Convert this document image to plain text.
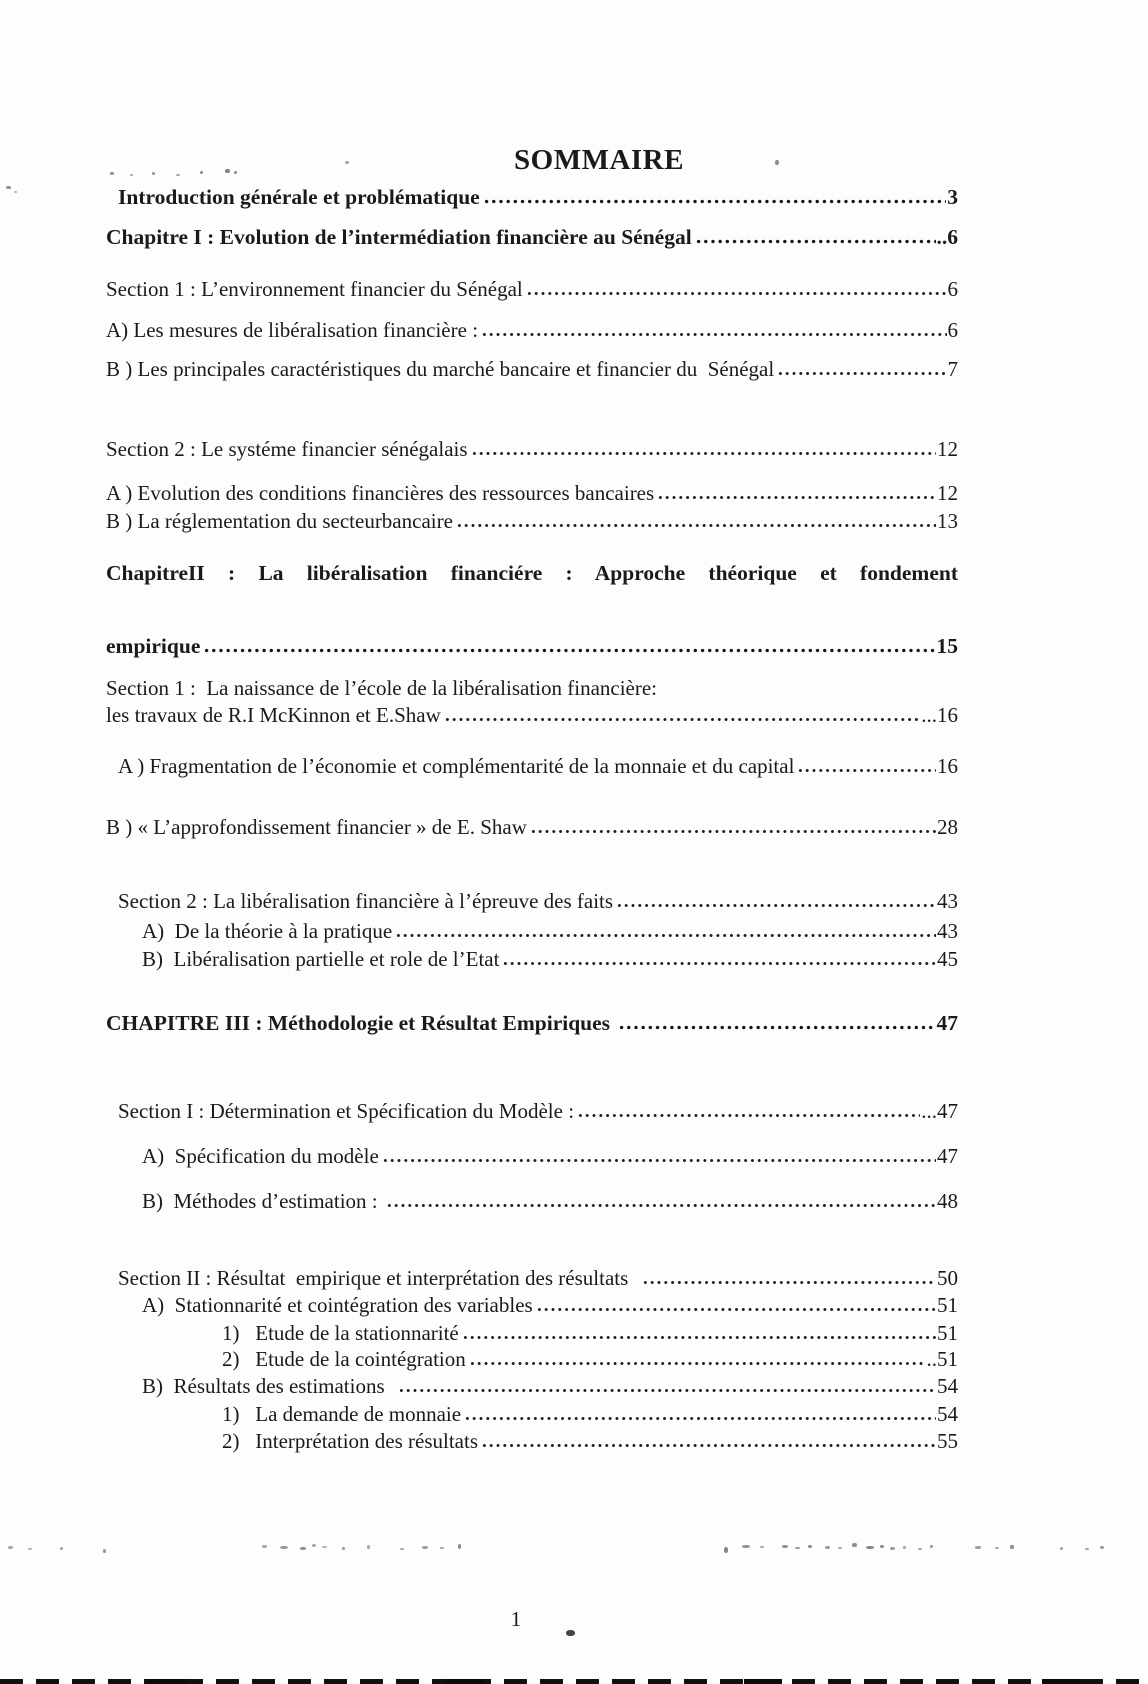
SOMMAIRE
Introduction générale et problématique	3
Chapitre I : Evolution de l’intermédiation financière au Sénégal	..6
Section 1 : L’environnement financier du Sénégal	6
A) Les mesures de libéralisation financière :	6
B ) Les principales caractéristiques du marché bancaire et financier du  Sénégal	7
Section 2 : Le systéme financier sénégalais	12
A ) Evolution des conditions financières des ressources bancaires	12
B ) La réglementation du secteurbancaire	13
ChapitreII : La libéralisation financiére : Approche théorique et fondement
empirique	15
Section 1 :  La naissance de l’école de la libéralisation financière:
les travaux de R.I McKinnon et E.Shaw	...16
A ) Fragmentation de l’économie et complémentarité de la monnaie et du capital	16
B ) « L’approfondissement financier » de E. Shaw	28
Section 2 : La libéralisation financière à l’épreuve des faits	43
A)  De la théorie à la pratique	43
B)  Libéralisation partielle et role de l’Etat	45
CHAPITRE III : Méthodologie et Résultat Empiriques	47
Section I : Détermination et Spécification du Modèle :	...47
A)  Spécification du modèle	47
B)  Méthodes d’estimation :	48
Section II : Résultat  empirique et interprétation des résultats	50
A)  Stationnarité et cointégration des variables	51
1)   Etude de la stationnarité	51
2)   Etude de la cointégration	..51
B)  Résultats des estimations	54
1)   La demande de monnaie	54
2)   Interprétation des résultats	55
1
